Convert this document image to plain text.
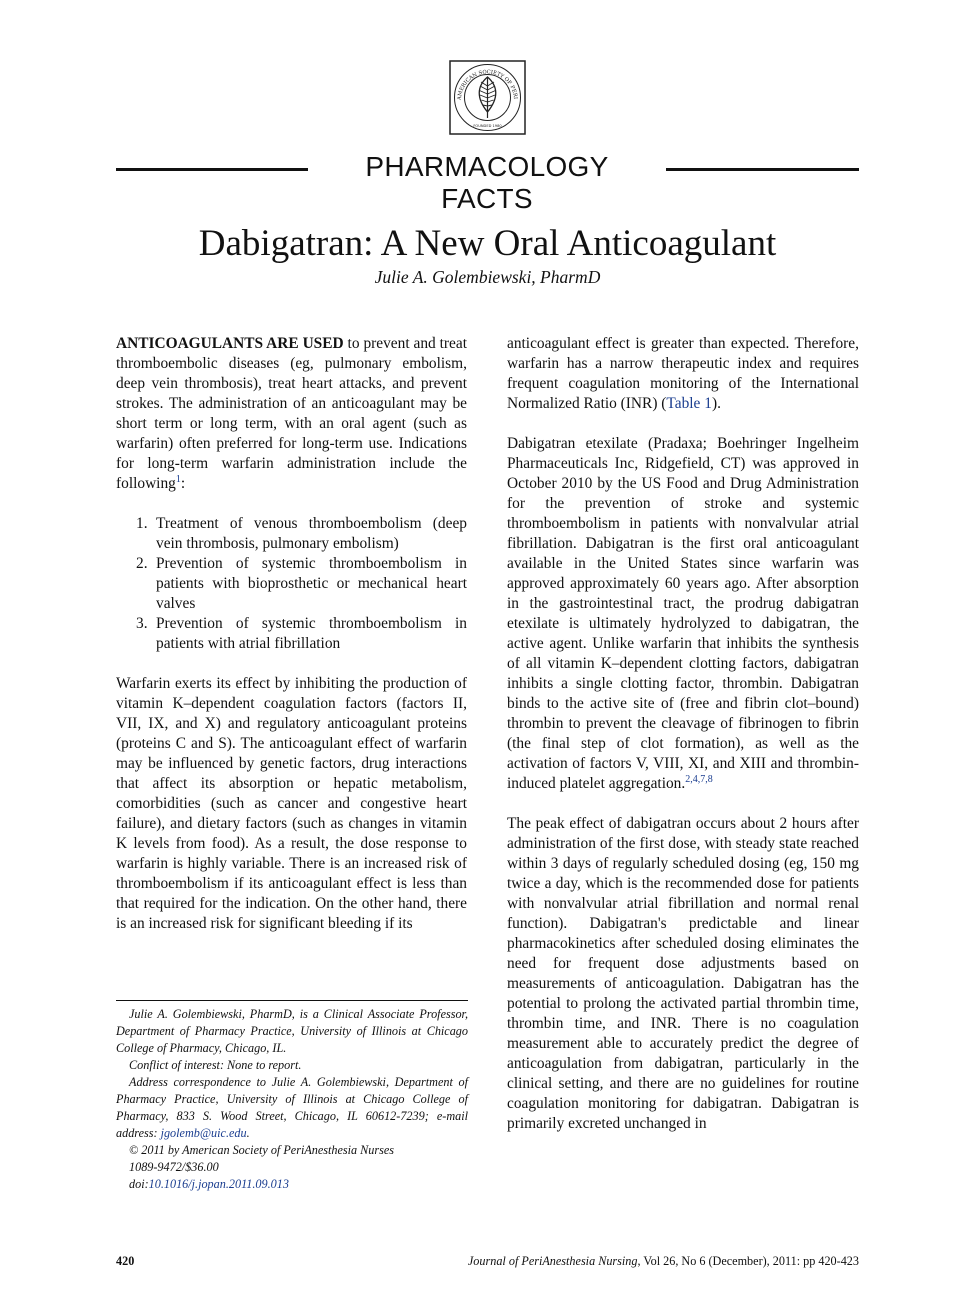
AMERICAN SOCIETY OF PERI
FOUNDED 1980
PHARMACOLOGY FACTS
Dabigatran: A New Oral Anticoagulant
Julie A. Golembiewski, PharmD

ANTICOAGULANTS ARE USED to prevent and treat thromboembolic diseases (eg, pulmonary embolism, deep vein thrombosis), treat heart attacks, and prevent strokes. The administration of an anticoagulant may be short term or long term, with an oral agent (such as warfarin) often preferred for long-term use. Indications for long-term warfarin administration include the following$^1$:

1. Treatment of venous thromboembolism (deep vein thrombosis, pulmonary embolism)
2. Prevention of systemic thromboembolism in patients with bioprosthetic or mechanical heart valves
3. Prevention of systemic thromboembolism in patients with atrial fibrillation

Warfarin exerts its effect by inhibiting the production of vitamin K–dependent coagulation factors (factors II, VII, IX, and X) and regulatory anticoagulant proteins (proteins C and S). The anticoagulant effect of warfarin may be influenced by genetic factors, drug interactions that affect its absorption or hepatic metabolism, comorbidities (such as cancer and congestive heart failure), and dietary factors (such as changes in vitamin K levels from food). As a result, the dose response to warfarin is highly variable. There is an increased risk of thromboembolism if its anticoagulant effect is less than that required for the indication. On the other hand, there is an increased risk for significant bleeding if its

anticoagulant effect is greater than expected. Therefore, warfarin has a narrow therapeutic index and requires frequent coagulation monitoring of the International Normalized Ratio (INR) (Table 1).

Dabigatran etexilate (Pradaxa; Boehringer Ingelheim Pharmaceuticals Inc, Ridgefield, CT) was approved in October 2010 by the US Food and Drug Administration for the prevention of stroke and systemic thromboembolism in patients with nonvalvular atrial fibrillation. Dabigatran is the first oral anticoagulant available in the United States since warfarin was approved approximately 60 years ago. After absorption in the gastrointestinal tract, the prodrug dabigatran etexilate is ultimately hydrolyzed to dabigatran, the active agent. Unlike warfarin that inhibits the synthesis of all vitamin K–dependent clotting factors, dabigatran inhibits a single clotting factor, thrombin. Dabigatran binds to the active site of (free and fibrin clot–bound) thrombin to prevent the cleavage of fibrinogen to fibrin (the final step of clot formation), as well as the activation of factors V, VIII, XI, and XIII and thrombin-induced platelet aggregation.$^{2,4,7,8}$

The peak effect of dabigatran occurs about 2 hours after administration of the first dose, with steady state reached within 3 days of regularly scheduled dosing (eg, 150 mg twice a day, which is the recommended dose for patients with nonvalvular atrial fibrillation and normal renal function). Dabigatran's predictable and linear pharmacokinetics after scheduled dosing eliminates the need for frequent dose adjustments based on measurements of anticoagulation. Dabigatran has the potential to prolong the activated partial thrombin time, thrombin time, and INR. There is no coagulation measurement able to accurately predict the degree of anticoagulation from dabigatran, particularly in the clinical setting, and there are no guidelines for routine coagulation monitoring for dabigatran. Dabigatran is primarily excreted unchanged in

Julie A. Golembiewski, PharmD, is a Clinical Associate Professor, Department of Pharmacy Practice, University of Illinois at Chicago College of Pharmacy, Chicago, IL.

Conflict of interest: None to report.

Address correspondence to Julie A. Golembiewski, Department of Pharmacy Practice, University of Illinois at Chicago College of Pharmacy, 833 S. Wood Street, Chicago, IL 60612-7239; e-mail address: jgolemb@uic.edu.

© 2011 by American Society of PeriAnesthesia Nurses

1089-9472/$36.00

doi:10.1016/j.jopan.2011.09.013

420	Journal of PeriAnesthesia Nursing, Vol 26, No 6 (December), 2011: pp 420-423
